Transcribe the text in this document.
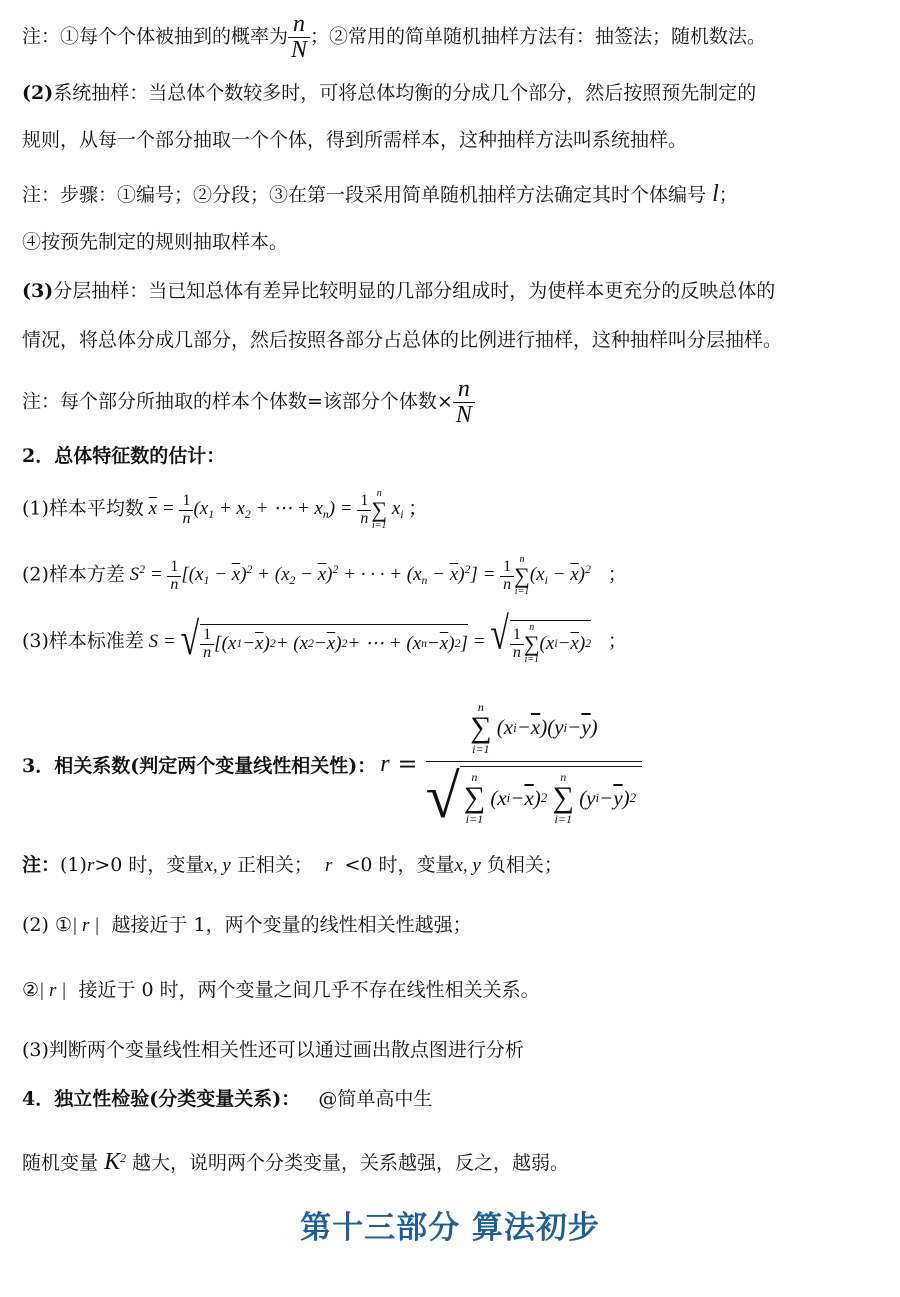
注：①每个个体被抽到的概率为 $\frac{n}{N}$ ；②常用的简单随机抽样方法有：抽签法；随机数法。
(2)系统抽样：当总体个数较多时，可将总体均衡的分成几个部分，然后按照预先制定的
规则，从每一个部分抽取一个个体，得到所需样本，这种抽样方法叫系统抽样。
注：步骤：①编号；②分段；③在第一段采用简单随机抽样方法确定其时个体编号 l；
④按预先制定的规则抽取样本。
(3)分层抽样：当已知总体有差异比较明显的几部分组成时，为使样本更充分的反映总体的
情况，将总体分成几部分，然后按照各部分占总体的比例进行抽样，这种抽样叫分层抽样。
注：每个部分所抽取的样本个体数=该部分个体数× $\frac{n}{N}$
2．总体特征数的估计：
(1)样本平均数 $\overline{x} = \frac{1}{n} (x_1 + x_2$ + ⋯ + $x_n) = \frac{1}{n}$ n
∑
i=1
$x_i$ ；
(2)样本方差 $S^2 = \frac{1}{n} [(x_1 - \overline{x})^2 + (x_2 - \overline{x})^2$ + · · · + $(x_n - \overline{x})^2] = \frac{1}{n}$ n
∑
i=1
$(x_i - \overline{x})^2$ ；
(3)样本标准差 S = √ $\frac{1}{n} [(x$ $1 - \overline{x}$ ) 2 + (x $2 - \overline{x}$ ) 2 + ⋯ + (x $n - \overline{x}$ ) 2 ] = √ $\frac{1}{n}$ n
∑
i=1
(x $i - \overline{x}$ ) 2 ；
3．相关系数(判定两个变量线性相关性)： r = n
∑
i=1
(x $i - \overline{x}$ )(y $i - \overline{y}$ )
√ n
∑
i=1
(x $i - \overline{x}$ ) 2

n
∑
i=1
(y $i - \overline{y}$ ) 2
注：(1)r>0 时，变量x, y 正相关； r <0 时，变量x, y 负相关；
(2) ①| r | 越接近于 1，两个变量的线性相关性越强；
②| r | 接近于 0 时，两个变量之间几乎不存在线性相关关系。
(3)判断两个变量线性相关性还可以通过画出散点图进行分析
4．独立性检验(分类变量关系)： @简单高中生
随机变量 $K^2$ 越大，说明两个分类变量，关系越强，反之，越弱。
第十三部分 算法初步
